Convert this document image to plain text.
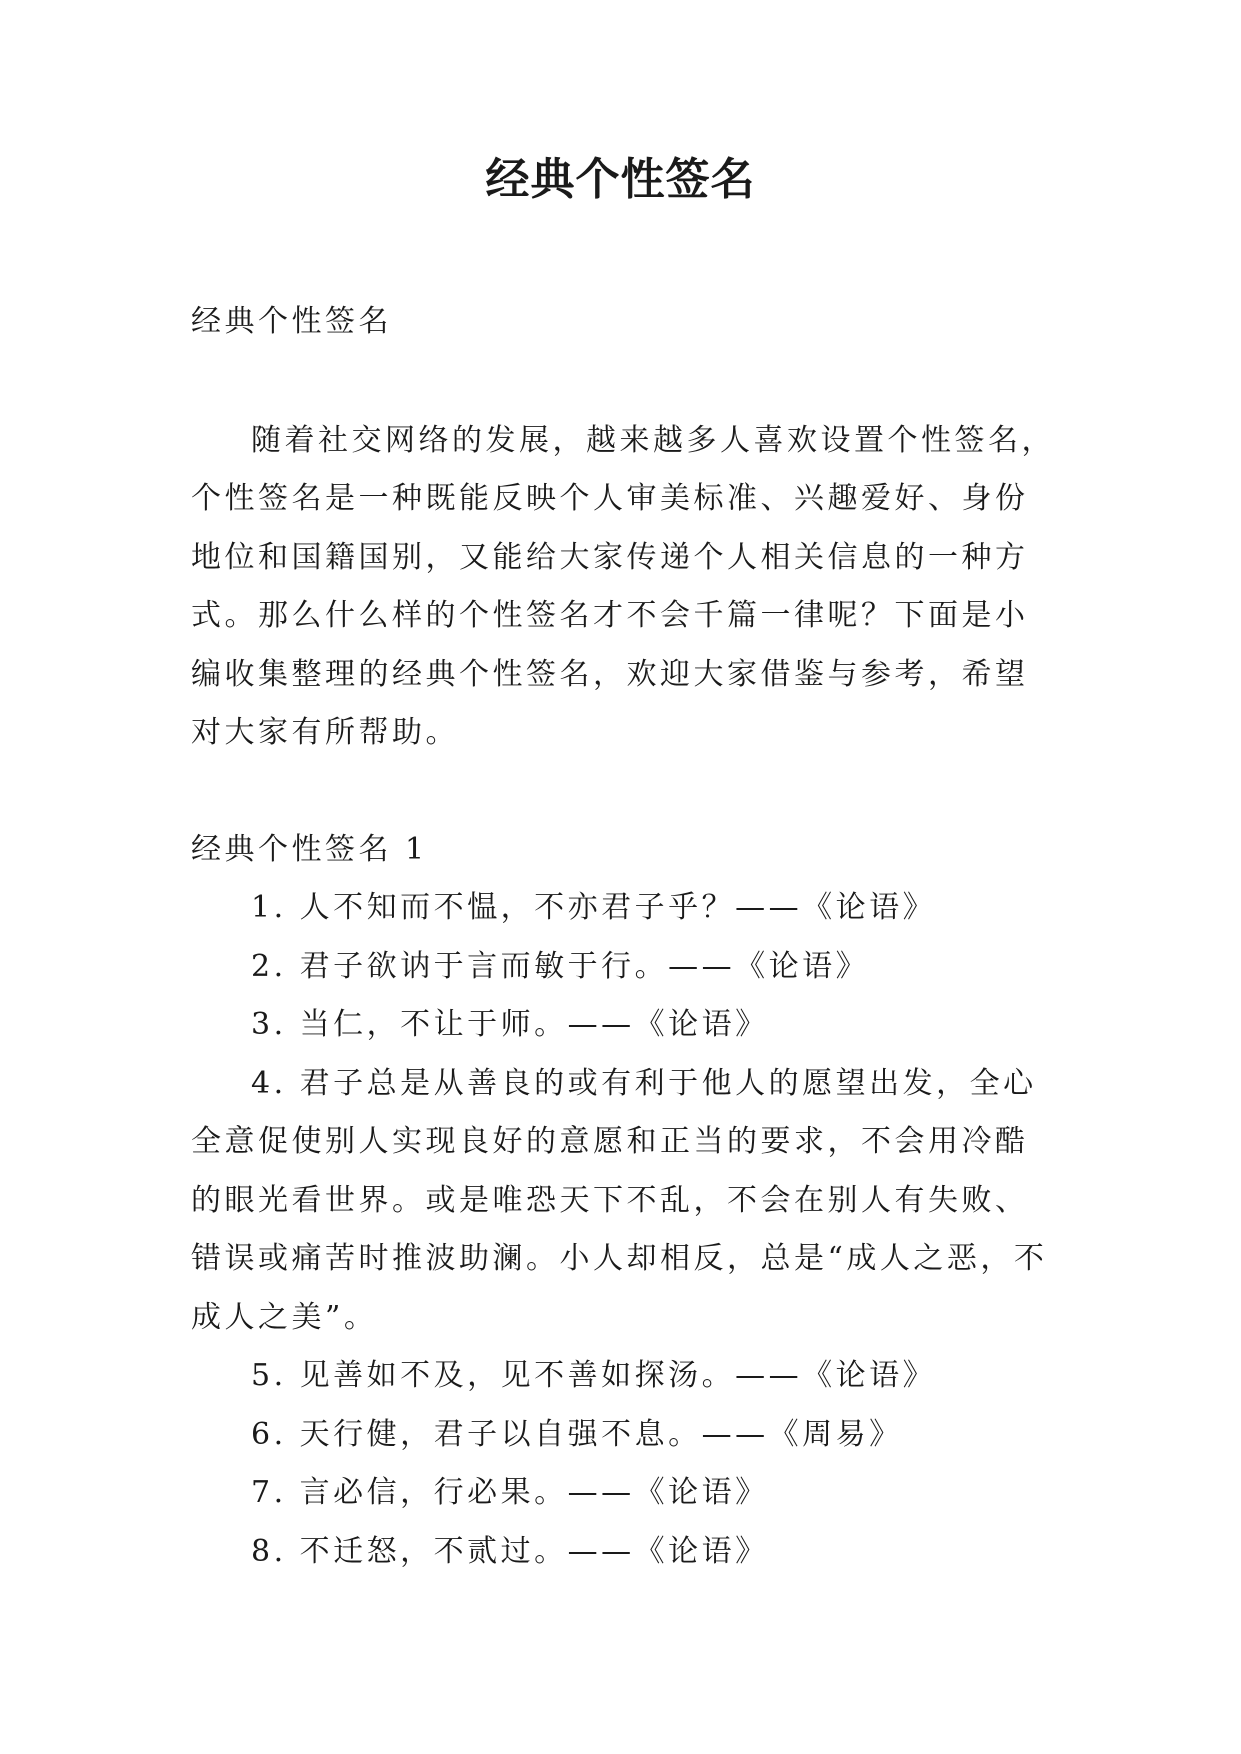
经典个性签名

经典个性签名

随着社交网络的发展，越来越多人喜欢设置个性签名，个性签名是一种既能反映个人审美标准、兴趣爱好、身份地位和国籍国别，又能给大家传递个人相关信息的一种方式。那么什么样的个性签名才不会千篇一律呢？下面是小编收集整理的经典个性签名，欢迎大家借鉴与参考，希望对大家有所帮助。

经典个性签名 1

1. 人不知而不愠，不亦君子乎？——《论语》

2. 君子欲讷于言而敏于行。——《论语》

3. 当仁，不让于师。——《论语》

4. 君子总是从善良的或有利于他人的愿望出发，全心全意促使别人实现良好的意愿和正当的要求，不会用冷酷的眼光看世界。或是唯恐天下不乱，不会在别人有失败、错误或痛苦时推波助澜。小人却相反，总是“成人之恶，不成人之美”。

5. 见善如不及，见不善如探汤。——《论语》

6. 天行健，君子以自强不息。——《周易》

7. 言必信，行必果。——《论语》

8. 不迁怒，不贰过。——《论语》
